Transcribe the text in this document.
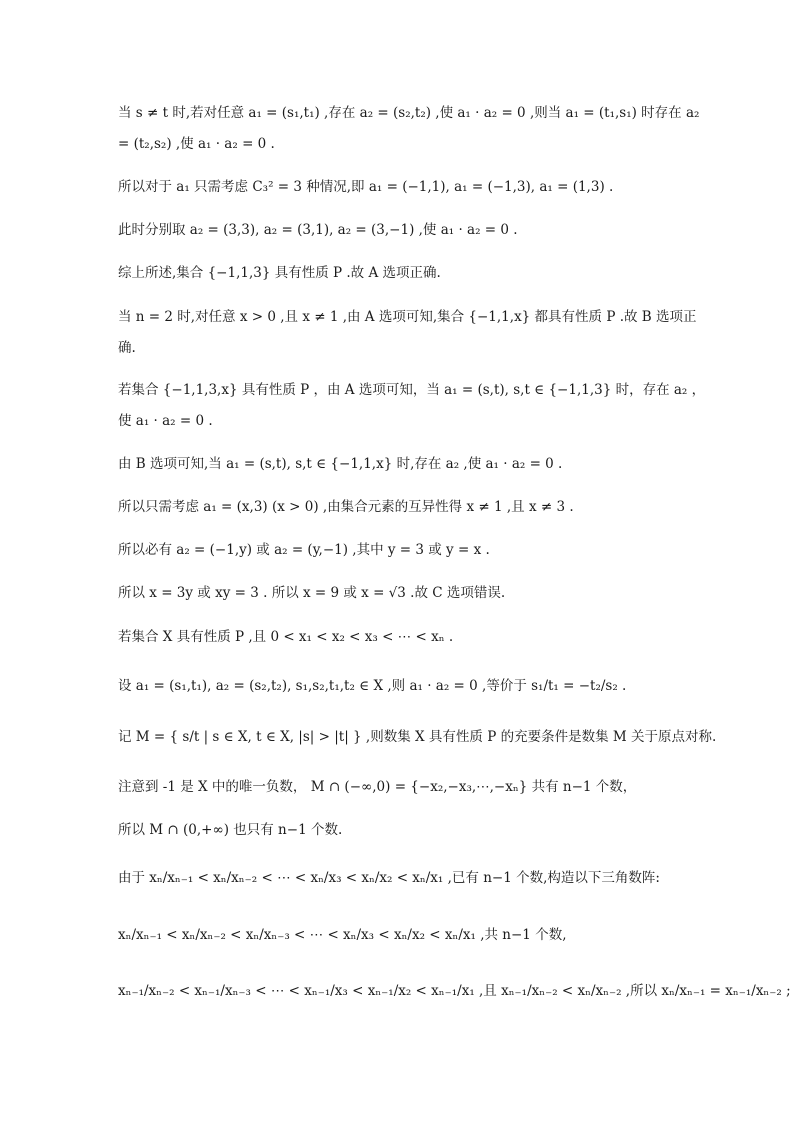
当 s ≠ t 时,若对任意 a₁ = (s₁,t₁) ,存在 a₂ = (s₂,t₂) ,使 a₁ · a₂ = 0 ,则当 a₁ = (t₁,s₁) 时存在 a₂
= (t₂,s₂) ,使 a₁ · a₂ = 0 .
所以对于 a₁ 只需考虑 C₃² = 3 种情况,即 a₁ = (−1,1), a₁ = (−1,3), a₁ = (1,3) .
此时分别取 a₂ = (3,3), a₂ = (3,1), a₂ = (3,−1) ,使 a₁ · a₂ = 0 .
综上所述,集合 {−1,1,3} 具有性质 P .故 A 选项正确.
当 n = 2 时,对任意 x > 0 ,且 x ≠ 1 ,由 A 选项可知,集合 {−1,1,x} 都具有性质 P .故 B 选项正
确.
若集合 {−1,1,3,x} 具有性质 P ，由 A 选项可知，当 a₁ = (s,t), s,t ∈ {−1,1,3} 时，存在 a₂ ，
使 a₁ · a₂ = 0 .
由 B 选项可知,当 a₁ = (s,t), s,t ∈ {−1,1,x} 时,存在 a₂ ,使 a₁ · a₂ = 0 .
所以只需考虑 a₁ = (x,3) (x > 0) ,由集合元素的互异性得 x ≠ 1 ,且 x ≠ 3 .
所以必有 a₂ = (−1,y) 或 a₂ = (y,−1) ,其中 y = 3 或 y = x .
所以 x = 3y 或 xy = 3 . 所以 x = 9 或 x = √3 .故 C 选项错误.
若集合 X 具有性质 P ,且 0 < x₁ < x₂ < x₃ < ⋯ < xₙ .
设 a₁ = (s₁,t₁), a₂ = (s₂,t₂), s₁,s₂,t₁,t₂ ∈ X ,则 a₁ · a₂ = 0 ,等价于 s₁/t₁ = −t₂/s₂ .
记 M = { s/t | s ∈ X, t ∈ X, |s| > |t| } ,则数集 X 具有性质 P 的充要条件是数集 M 关于原点对称.
注意到 -1 是 X 中的唯一负数， M ∩ (−∞,0) = {−x₂,−x₃,⋯,−xₙ} 共有 n−1 个数，
所以 M ∩ (0,+∞) 也只有 n−1 个数.
由于 xₙ/xₙ₋₁ < xₙ/xₙ₋₂ < ⋯ < xₙ/x₃ < xₙ/x₂ < xₙ/x₁ ,已有 n−1 个数,构造以下三角数阵:
xₙ/xₙ₋₁ < xₙ/xₙ₋₂ < xₙ/xₙ₋₃ < ⋯ < xₙ/x₃ < xₙ/x₂ < xₙ/x₁ ,共 n−1 个数,
xₙ₋₁/xₙ₋₂ < xₙ₋₁/xₙ₋₃ < ⋯ < xₙ₋₁/x₃ < xₙ₋₁/x₂ < xₙ₋₁/x₁ ,且 xₙ₋₁/xₙ₋₂ < xₙ/xₙ₋₂ ,所以 xₙ/xₙ₋₁ = xₙ₋₁/xₙ₋₂ ;
